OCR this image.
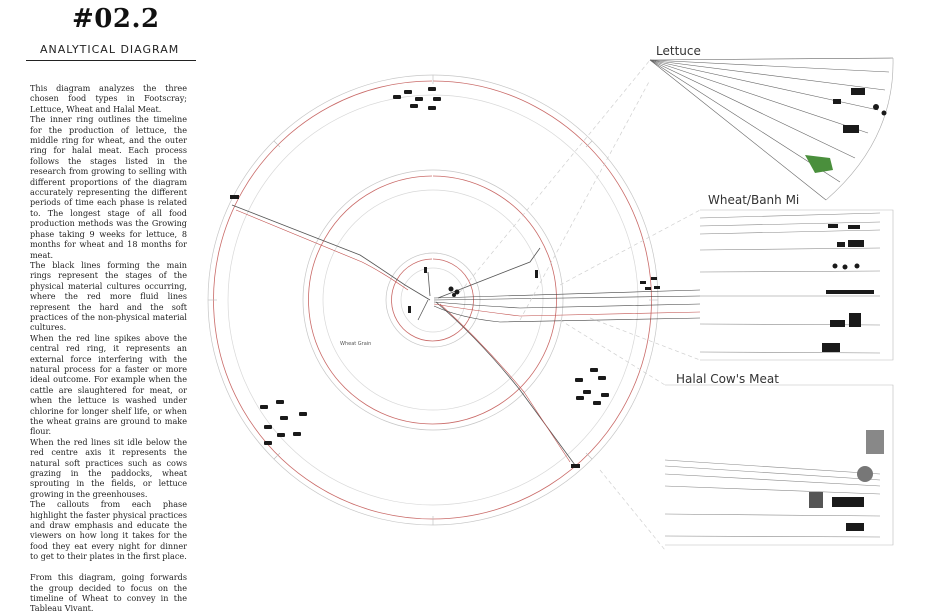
#02.2
ANALYTICAL DIAGRAM
This diagram analyzes the three chosen food types in Footscray; Lettuce, Wheat and Halal Meat.
The inner ring outlines the timeline for the production of lettuce, the middle ring for wheat, and the outer ring for halal meat. Each process follows the stages listed in the research from growing to selling with different proportions of the diagram accurately representing the different periods of time each phase is related to. The longest stage of all food production methods was the Growing phase taking 9 weeks for lettuce, 8 months for wheat and 18 months for meat.
The black lines forming the main rings represent the stages of the physical material cultures occurring, where the red more fluid lines represent the hard and the soft practices of the non-physical material cultures.
When the red line spikes above the central red ring, it represents an external force interfering with the natural process for a faster or more ideal outcome. For example when the cattle are slaughtered for meat, or when the lettuce is washed under chlorine for longer shelf life, or when the wheat grains are ground to make flour.
When the red lines sit idle below the red centre axis it represents the natural soft practices such as cows grazing in the paddocks, wheat sprouting in the fields, or lettuce growing in the greenhouses.
The callouts from each phase highlight the faster physical practices and draw emphasis and educate the viewers on how long it takes for the food they eat every night for dinner to get to their plates in the first place.

From this diagram, going forwards the group decided to focus on the timeline of Wheat to convey in the Tableau Vivant.
Lettuce
Wheat/Banh Mi
Halal Cow's Meat
Wheat Grain
